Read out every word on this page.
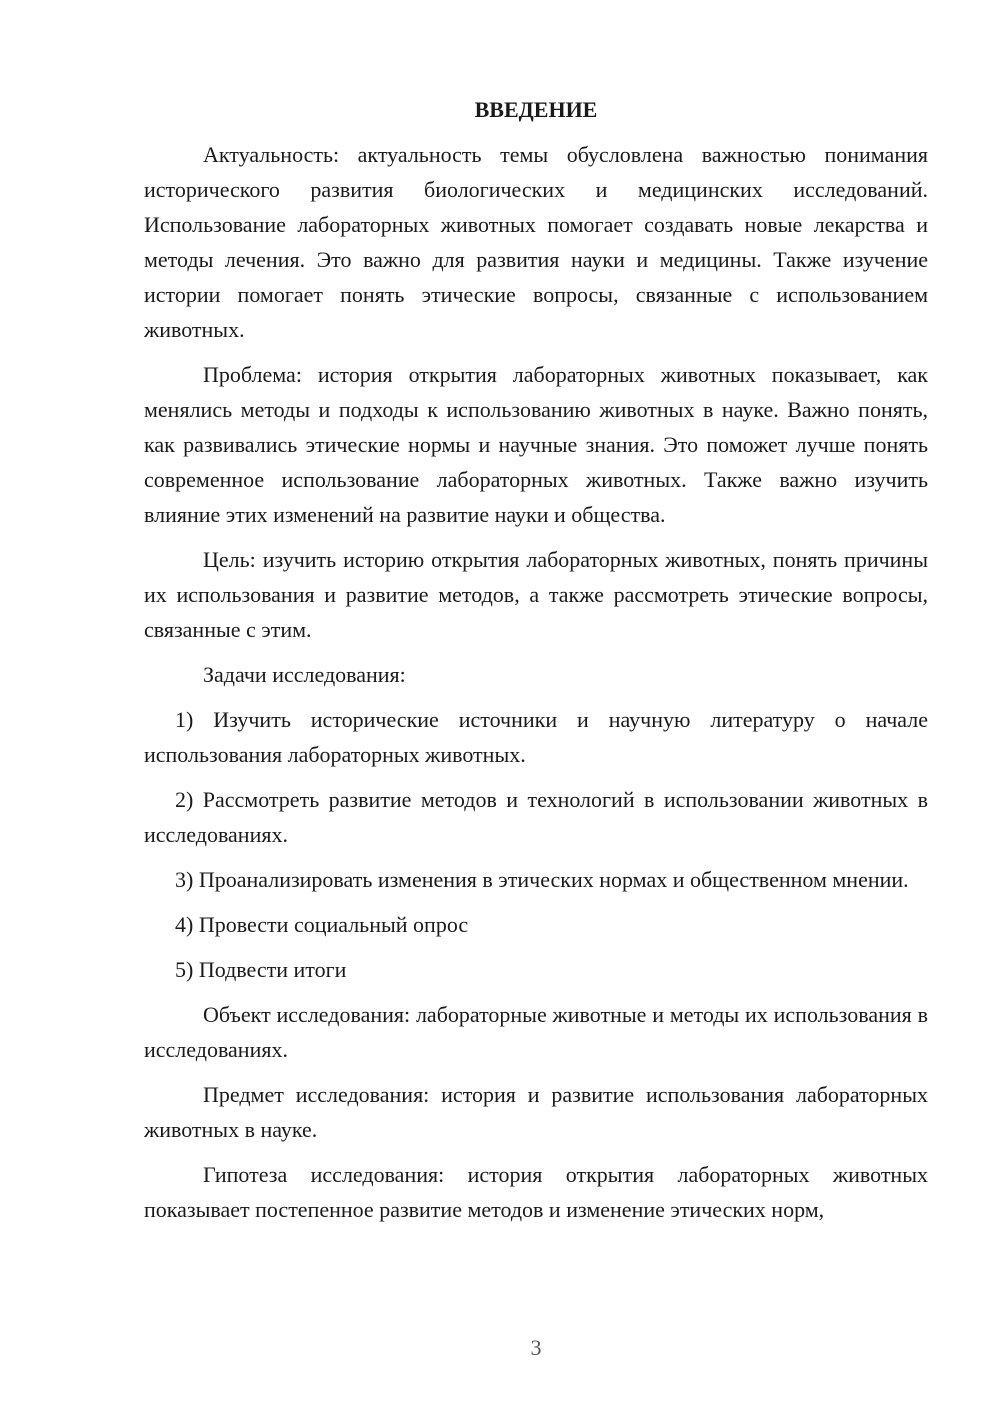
ВВЕДЕНИЕ

Актуальность: актуальность темы обусловлена важностью понимания исторического развития биологических и медицинских исследований. Использование лабораторных животных помогает создавать новые лекарства и методы лечения. Это важно для развития науки и медицины. Также изучение истории помогает понять этические вопросы, связанные с использованием животных.

Проблема: история открытия лабораторных животных показывает, как менялись методы и подходы к использованию животных в науке. Важно понять, как развивались этические нормы и научные знания. Это поможет лучше понять современное использование лабораторных животных. Также важно изучить влияние этих изменений на развитие науки и общества.

Цель: изучить историю открытия лабораторных животных, понять причины их использования и развитие методов, а также рассмотреть этические вопросы, связанные с этим.

Задачи исследования:

1) Изучить исторические источники и научную литературу о начале использования лабораторных животных.

2) Рассмотреть развитие методов и технологий в использовании животных в исследованиях.

3) Проанализировать изменения в этических нормах и общественном мнении.

4) Провести социальный опрос

5) Подвести итоги

Объект исследования: лабораторные животные и методы их использования в исследованиях.

Предмет исследования: история и развитие использования лабораторных животных в науке.

Гипотеза исследования: история открытия лабораторных животных показывает постепенное развитие методов и изменение этических норм,

3
